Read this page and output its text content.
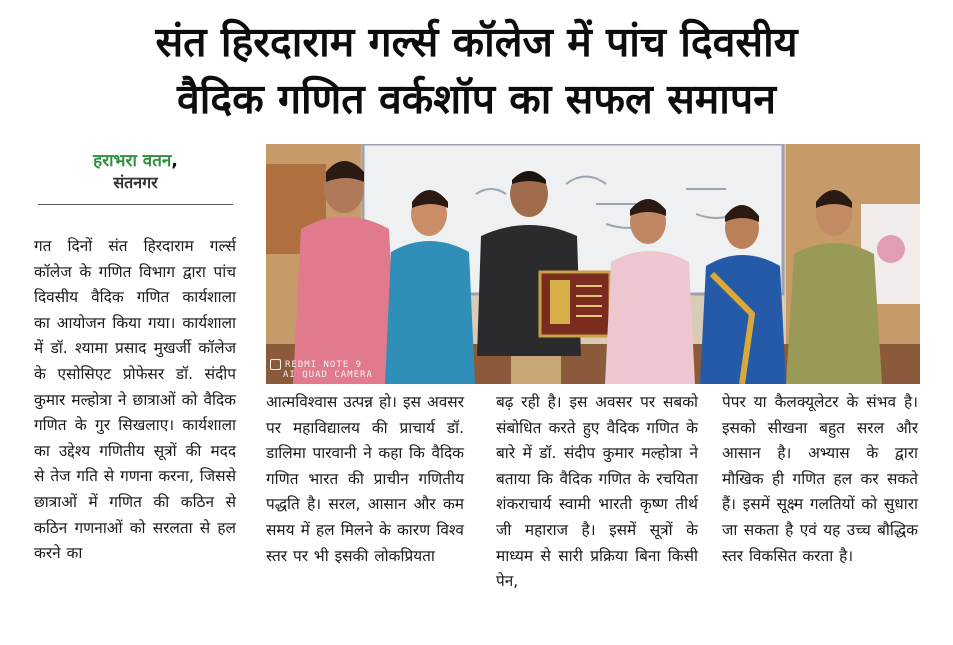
संत हिरदाराम गर्ल्स कॉलेज में पांच दिवसीय
वैदिक गणित वर्कशॉप का सफल समापन
हराभरा वतन,
संतनगर
गत दिनों संत हिरदाराम गर्ल्स कॉलेज के गणित विभाग द्वारा पांच दिवसीय वैदिक गणित कार्यशाला का आयोजन किया गया। कार्यशाला में डॉ. श्यामा प्रसाद मुखर्जी कॉलेज के एसोसिएट प्रोफेसर डॉ. संदीप कुमार मल्होत्रा ने छात्राओं को वैदिक गणित के गुर सिखलाए। कार्यशाला का उद्देश्य गणितीय सूत्रों की मदद से तेज गति से गणना करना, जिससे छात्राओं में गणित की कठिन से कठिन गणनाओं को सरलता से हल करने का
REDMI NOTE 9
AI QUAD CAMERA
आत्मविश्वास उत्पन्न हो। इस अवसर पर महाविद्यालय की प्राचार्य डॉ. डालिमा पारवानी ने कहा कि वैदिक गणित भारत की प्राचीन गणितीय पद्धति है। सरल, आसान और कम समय में हल मिलने के कारण विश्व स्तर पर भी इसकी लोकप्रियता
बढ़ रही है। इस अवसर पर सबको संबोधित करते हुए वैदिक गणित के बारे में डॉ. संदीप कुमार मल्होत्रा ने बताया कि वैदिक गणित के रचयिता शंकराचार्य स्वामी भारती कृष्ण तीर्थ जी महाराज है। इसमें सूत्रों के माध्यम से सारी प्रक्रिया बिना किसी पेन,
पेपर या कैलक्यूलेटर के संभव है। इसको सीखना बहुत सरल और आसान है। अभ्यास के द्वारा मौखिक ही गणित हल कर सकते हैं। इसमें सूक्ष्म गलतियों को सुधारा जा सकता है एवं यह उच्च बौद्धिक स्तर विकसित करता है।
